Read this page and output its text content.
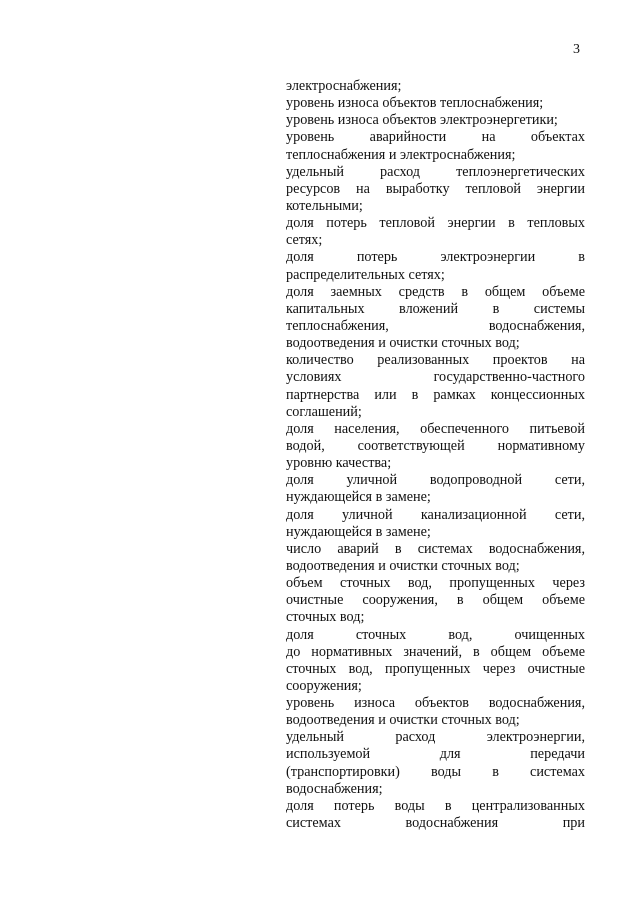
3
электроснабжения;
уровень износа объектов теплоснабжения;
уровень износа объектов электроэнергетики;
уровень аварийности на объектах
теплоснабжения и электроснабжения;
удельный расход теплоэнергетических
ресурсов на выработку тепловой энергии
котельными;
доля потерь тепловой энергии в тепловых
сетях;
доля потерь электроэнергии в
распределительных сетях;
доля заемных средств в общем объеме
капитальных вложений в системы
теплоснабжения, водоснабжения,
водоотведения и очистки сточных вод;
количество реализованных проектов на
условиях государственно-частного
партнерства или в рамках концессионных
соглашений;
доля населения, обеспеченного питьевой
водой, соответствующей нормативному
уровню качества;
доля уличной водопроводной сети,
нуждающейся в замене;
доля уличной канализационной сети,
нуждающейся в замене;
число аварий в системах водоснабжения,
водоотведения и очистки сточных вод;
объем сточных вод, пропущенных через
очистные сооружения, в общем объеме
сточных вод;
доля сточных вод, очищенных
до нормативных значений, в общем объеме
сточных вод, пропущенных через очистные
сооружения;
уровень износа объектов водоснабжения,
водоотведения и очистки сточных вод;
удельный расход электроэнергии,
используемой для передачи
(транспортировки) воды в системах
водоснабжения;
доля потерь воды в централизованных
системах водоснабжения при
